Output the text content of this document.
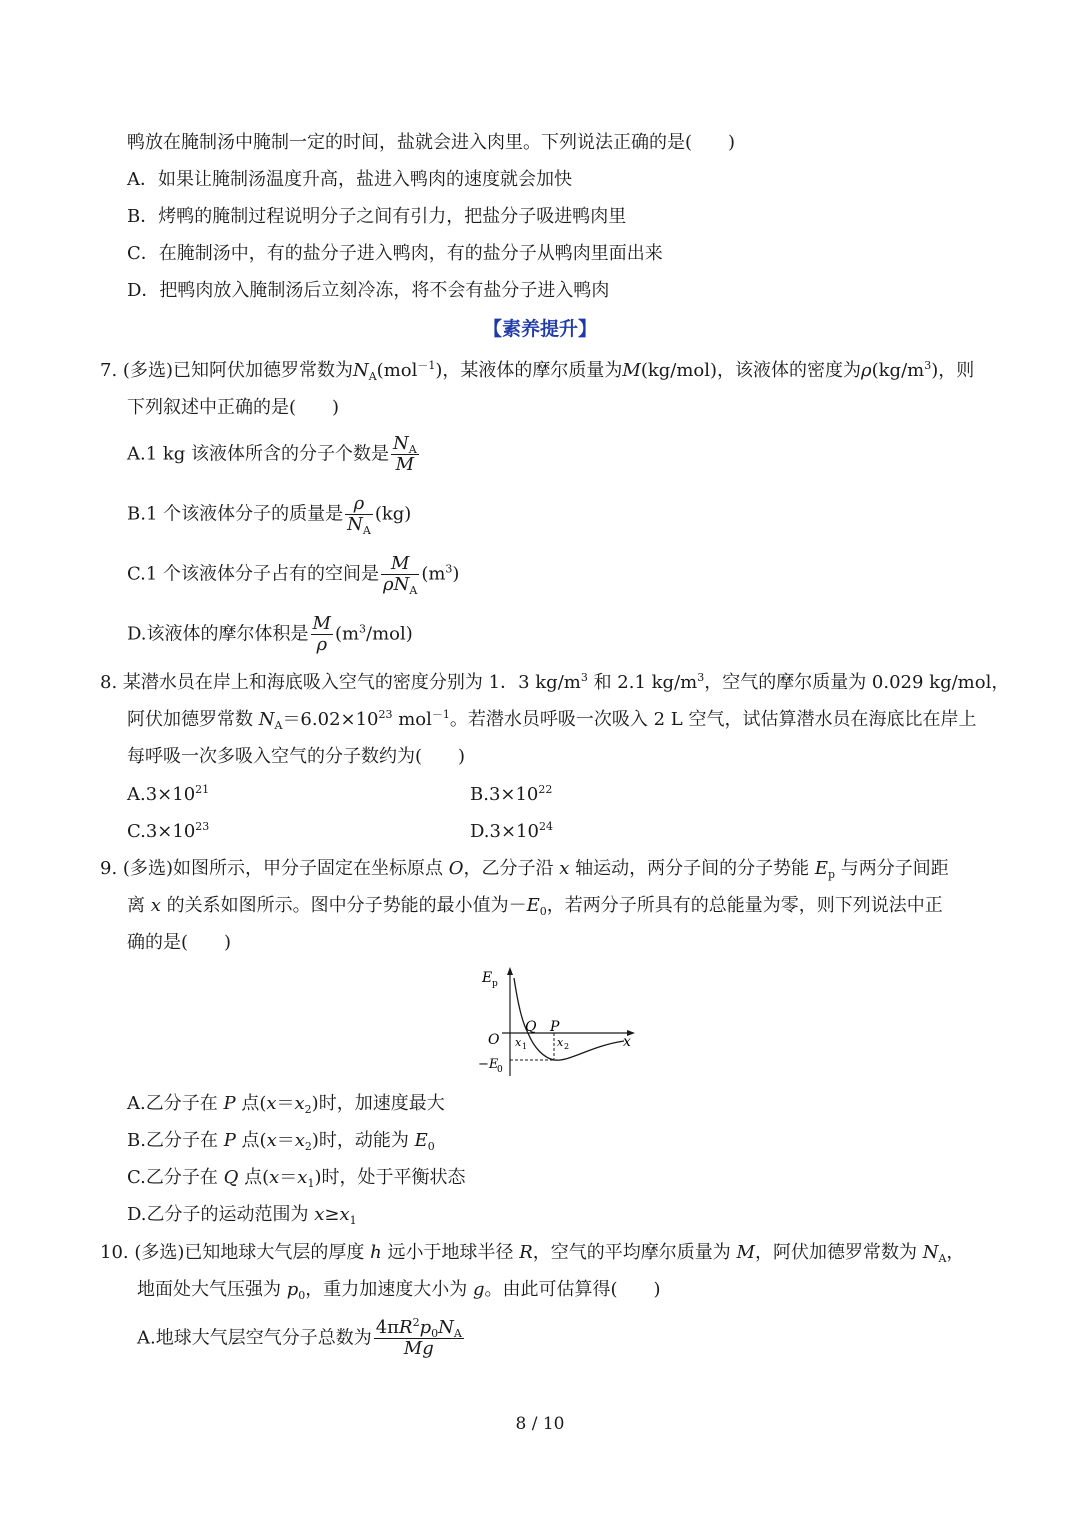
鸭放在腌制汤中腌制一定的时间，盐就会进入肉里。下列说法正确的是(　　)
A．如果让腌制汤温度升高，盐进入鸭肉的速度就会加快
B．烤鸭的腌制过程说明分子之间有引力，把盐分子吸进鸭肉里
C．在腌制汤中，有的盐分子进入鸭肉，有的盐分子从鸭肉里面出来
D．把鸭肉放入腌制汤后立刻冷冻，将不会有盐分子进入鸭肉
【素养提升】
7. (多选)已知阿伏加德罗常数为$N_A(mol^{-1})$，某液体的摩尔质量为M(kg/mol)，该液体的密度为$\rho(kg/m^3)$，则
下列叙述中正确的是(　　)
A.1 kg 该液体所含的分子个数是 $\frac{N_A}{M}$
B.1 个该液体分子的质量是 $\frac{\rho}{N_A} (kg)$
C.1 个该液体分子占有的空间是 $\frac{M}{\rho N_A} (m^3)$
D.该液体的摩尔体积是 $\frac{M}{\rho} (m^3/mol)$
8. 某潜水员在岸上和海底吸入空气的密度分别为 1．3 $kg/m^3$ 和 2.1 $kg/m^3$，空气的摩尔质量为 0.029 kg/mol，
阿伏加德罗常数 $N_A=6.02\times 10^{23}$ mol$^{-1}$。若潜水员呼吸一次吸入 2 L 空气，试估算潜水员在海底比在岸上
每呼吸一次多吸入空气的分子数约为(　　)
$A.3\times 10^{21}$	$B.3\times 10^{22}$
$C.3\times 10^{23}$	$D.3\times 10^{24}$
9. (多选)如图所示，甲分子固定在坐标原点 O，乙分子沿 x 轴运动，两分子间的分子势能 $E_p$ 与两分子间距
离 x 的关系如图所示。图中分子势能的最小值为$-E_0$，若两分子所具有的总能量为零，则下列说法中正
确的是(　　)
E p
O
−E
0
Q P
x 1	x 2	x
A.乙分子在 P 点$(x=x_2)$时，加速度最大
B.乙分子在 P 点$(x=x_2)$时，动能为 $E_0$
C.乙分子在 Q 点$(x=x_1)$时，处于平衡状态
D.乙分子的运动范围为 $x\ge x_1$
10. (多选)已知地球大气层的厚度 h 远小于地球半径 R，空气的平均摩尔质量为 M，阿伏加德罗常数为 $N_A$，
地面处大气压强为 $p_0$，重力加速度大小为 g。由此可估算得(　　)
A.地球大气层空气分子总数为 $\frac{4\pi R^2p_0N_A}{Mg}$
8 / 10
